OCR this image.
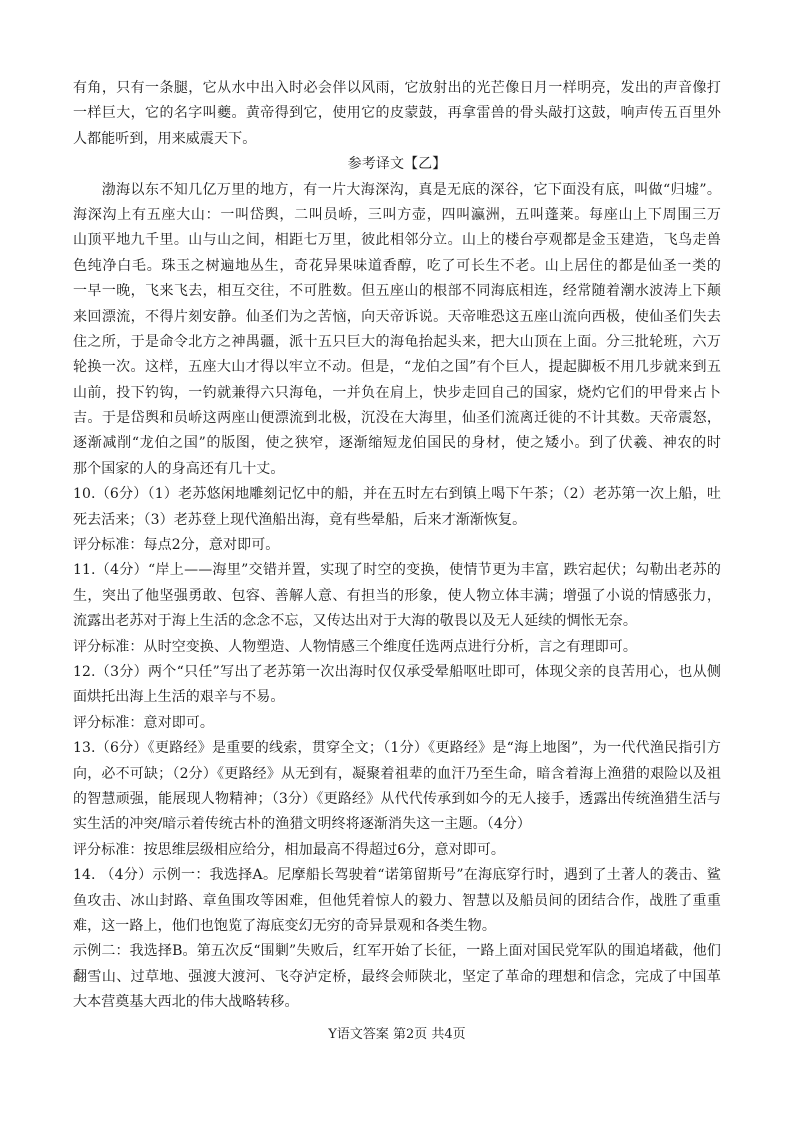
有角，只有一条腿，它从水中出入时必会伴以风雨，它放射出的光芒像日月一样明亮，发出的声音像打
一样巨大，它的名字叫夔。黄帝得到它，使用它的皮蒙鼓，再拿雷兽的骨头敲打这鼓，响声传五百里外
人都能听到，用来威震天下。
参考译文【乙】
　　渤海以东不知几亿万里的地方，有一片大海深沟，真是无底的深谷，它下面没有底，叫做“归墟”。
海深沟上有五座大山：一叫岱舆，二叫员峤，三叫方壶，四叫瀛洲，五叫蓬莱。每座山上下周围三万
山顶平地九千里。山与山之间，相距七万里，彼此相邻分立。山上的楼台亭观都是金玉建造，飞鸟走兽
色纯净白毛。珠玉之树遍地丛生，奇花异果味道香醇，吃了可长生不老。山上居住的都是仙圣一类的
一早一晚，飞来飞去，相互交往，不可胜数。但五座山的根部不同海底相连，经常随着潮水波涛上下颠
来回漂流，不得片刻安静。仙圣们为之苦恼，向天帝诉说。天帝唯恐这五座山流向西极，使仙圣们失去
住之所，于是命令北方之神禺疆，派十五只巨大的海龟抬起头来，把大山顶在上面。分三批轮班，六万
轮换一次。这样，五座大山才得以牢立不动。但是，“龙伯之国”有个巨人，提起脚板不用几步就来到五
山前，投下钓钩，一钓就兼得六只海龟，一并负在肩上，快步走回自己的国家，烧灼它们的甲骨来占卜
吉。于是岱舆和员峤这两座山便漂流到北极，沉没在大海里，仙圣们流离迁徙的不计其数。天帝震怒，
逐渐减削“龙伯之国”的版图，使之狭窄，逐渐缩短龙伯国民的身材，使之矮小。到了伏羲、神农的时
那个国家的人的身高还有几十丈。
10.（6分）（1）老苏悠闲地雕刻记忆中的船，并在五时左右到镇上喝下午茶；（2）老苏第一次上船，吐
死去活来；（3）老苏登上现代渔船出海，竟有些晕船，后来才渐渐恢复。
评分标准：每点2分，意对即可。
11.（4分）“岸上——海里”交错并置，实现了时空的变换，使情节更为丰富，跌宕起伏；勾勒出老苏的
生，突出了他坚强勇敢、包容、善解人意、有担当的形象，使人物立体丰满；增强了小说的情感张力，
流露出老苏对于海上生活的念念不忘，又传达出对于大海的敬畏以及无人延续的惆怅无奈。
评分标准：从时空变换、人物塑造、人物情感三个维度任选两点进行分析，言之有理即可。
12.（3分）两个“只任”写出了老苏第一次出海时仅仅承受晕船呕吐即可，体现父亲的良苦用心，也从侧
面烘托出海上生活的艰辛与不易。
评分标准：意对即可。
13.（6分）《更路经》是重要的线索，贯穿全文；（1分）《更路经》是“海上地图”，为一代代渔民指引方
向，必不可缺；（2分）《更路经》从无到有，凝聚着祖辈的血汗乃至生命，暗含着海上渔猎的艰险以及祖
的智慧顽强，能展现人物精神；（3分）《更路经》从代代传承到如今的无人接手，透露出传统渔猎生活与
实生活的冲突/暗示着传统古朴的渔猎文明终将逐渐消失这一主题。（4分）
评分标准：按思维层级相应给分，相加最高不得超过6分，意对即可。
14. （4分）示例一：我选择A。尼摩船长驾驶着“诺第留斯号”在海底穿行时，遇到了土著人的袭击、鲨
鱼攻击、冰山封路、章鱼围攻等困难，但他凭着惊人的毅力、智慧以及船员间的团结合作，战胜了重重
难，这一路上，他们也饱览了海底变幻无穷的奇异景观和各类生物。
示例二：我选择B。第五次反“围剿”失败后，红军开始了长征，一路上面对国民党军队的围追堵截，他们
翻雪山、过草地、强渡大渡河、飞夺泸定桥，最终会师陕北，坚定了革命的理想和信念，完成了中国革
大本营奠基大西北的伟大战略转移。
Y语文答案 第2页 共4页
